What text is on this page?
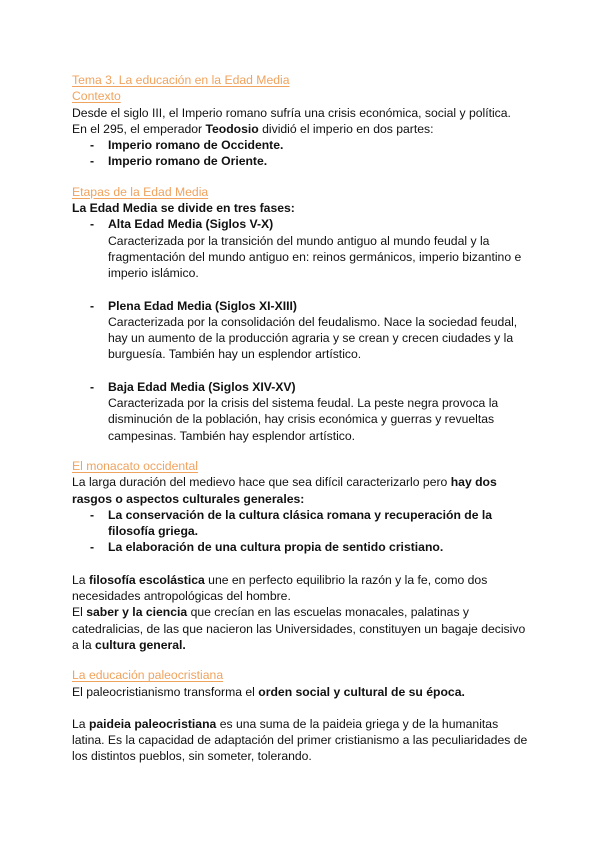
Tema 3. La educación en la Edad Media
Contexto

Desde el siglo III, el Imperio romano sufría una crisis económica, social y política. En el 295, el emperador Teodosio dividió el imperio en dos partes:

- Imperio romano de Occidente.
- Imperio romano de Oriente.
Etapas de la Edad Media

La Edad Media se divide en tres fases:

- Alta Edad Media (Siglos V-X)
Caracterizada por la transición del mundo antiguo al mundo feudal y la fragmentación del mundo antiguo en: reinos germánicos, imperio bizantino e imperio islámico.
- Plena Edad Media (Siglos XI-XIII)
Caracterizada por la consolidación del feudalismo. Nace la sociedad feudal, hay un aumento de la producción agraria y se crean y crecen ciudades y la burguesía. También hay un esplendor artístico.
- Baja Edad Media (Siglos XIV-XV)
Caracterizada por la crisis del sistema feudal. La peste negra provoca la disminución de la población, hay crisis económica y guerras y revueltas campesinas. También hay esplendor artístico.
El monacato occidental

La larga duración del medievo hace que sea difícil caracterizarlo pero hay dos rasgos o aspectos culturales generales:

- La conservación de la cultura clásica romana y recuperación de la filosofía griega.
- La elaboración de una cultura propia de sentido cristiano.

La filosofía escolástica une en perfecto equilibrio la razón y la fe, como dos necesidades antropológicas del hombre.

El saber y la ciencia que crecían en las escuelas monacales, palatinas y catedralicias, de las que nacieron las Universidades, constituyen un bagaje decisivo a la cultura general.

La educación paleocristiana

El paleocristianismo transforma el orden social y cultural de su época.

La paideia paleocristiana es una suma de la paideia griega y de la humanitas latina. Es la capacidad de adaptación del primer cristianismo a las peculiaridades de los distintos pueblos, sin someter, tolerando.
